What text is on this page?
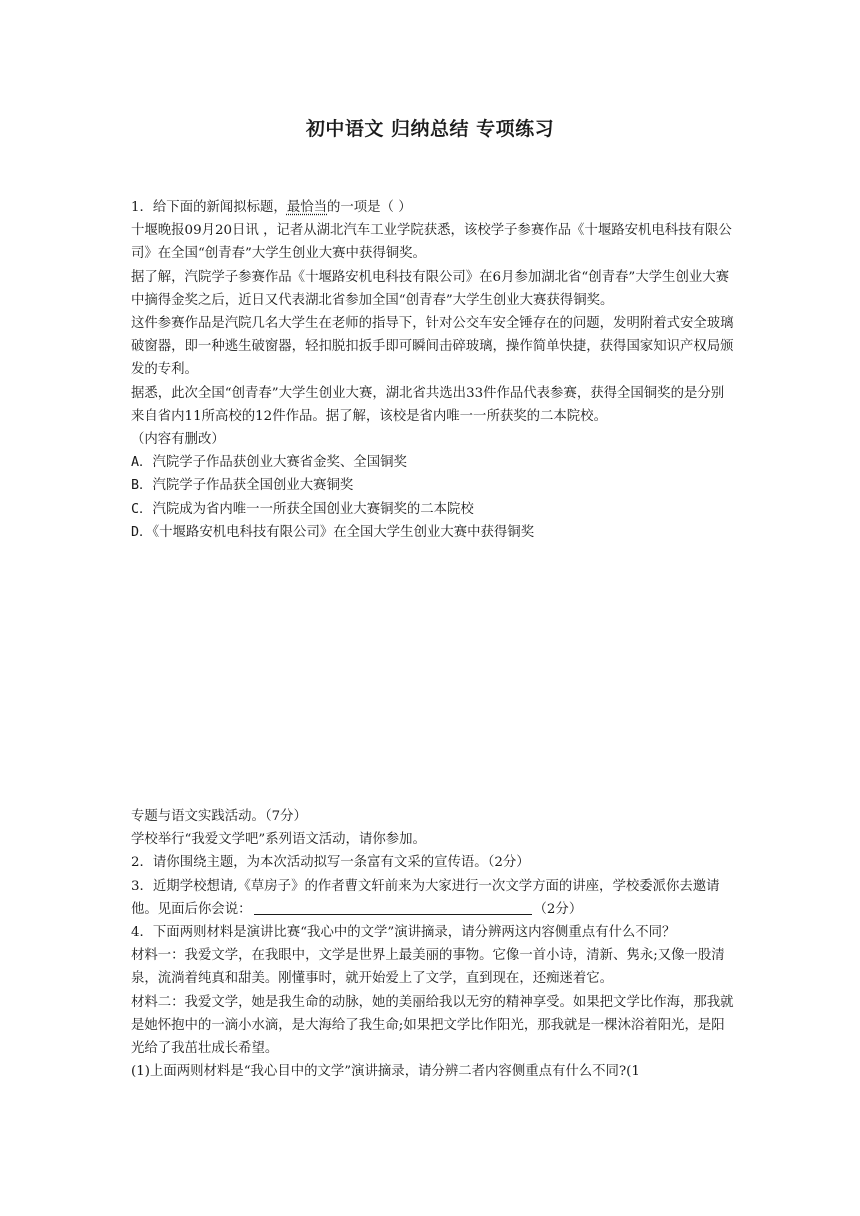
初中语文 归纳总结 专项练习

1．给下面的新闻拟标题，最恰当的一项是（ ）

十堰晚报09月20日讯 ，记者从湖北汽车工业学院获悉，该校学子参赛作品《十堰路安机电科技有限公司》在全国“创青春”大学生创业大赛中获得铜奖。

据了解，汽院学子参赛作品《十堰路安机电科技有限公司》在6月参加湖北省“创青春”大学生创业大赛中摘得金奖之后，近日又代表湖北省参加全国“创青春”大学生创业大赛获得铜奖。

这件参赛作品是汽院几名大学生在老师的指导下，针对公交车安全锤存在的问题，发明附着式安全玻璃破窗器，即一种逃生破窗器，轻扣脱扣扳手即可瞬间击碎玻璃，操作简单快捷，获得国家知识产权局颁发的专利。

据悉，此次全国“创青春”大学生创业大赛，湖北省共选出33件作品代表参赛，获得全国铜奖的是分别来自省内11所高校的12件作品。据了解，该校是省内唯一一所获奖的二本院校。

（内容有删改）

A．汽院学子作品获创业大赛省金奖、全国铜奖

B．汽院学子作品获全国创业大赛铜奖

C．汽院成为省内唯一一所获全国创业大赛铜奖的二本院校

D．《十堰路安机电科技有限公司》在全国大学生创业大赛中获得铜奖

专题与语文实践活动。（7分）

学校举行“我爱文学吧”系列语文活动，请你参加。

2．请你围绕主题，为本次活动拟写一条富有文采的宣传语。（2分）

3．近期学校想请,《草房子》的作者曹文轩前来为大家进行一次文学方面的讲座，学校委派你去邀请他。见面后你会说：	（2分）

4．下面两则材料是演讲比赛“我心中的文学”演讲摘录，请分辨两这内容侧重点有什么不同？

材料一：我爱文学，在我眼中，文学是世界上最美丽的事物。它像一首小诗，清新、隽永;又像一股清泉，流淌着纯真和甜美。刚懂事时，就开始爱上了文学，直到现在，还痴迷着它。

材料二：我爱文学，她是我生命的动脉，她的美丽给我以无穷的精神享受。如果把文学比作海，那我就是她怀抱中的一滴小水滴，是大海给了我生命;如果把文学比作阳光，那我就是一棵沐浴着阳光，是阳光给了我茁壮成长希望。

(1)上面两则材料是“我心目中的文学”演讲摘录，请分辨二者内容侧重点有什么不同?(1
